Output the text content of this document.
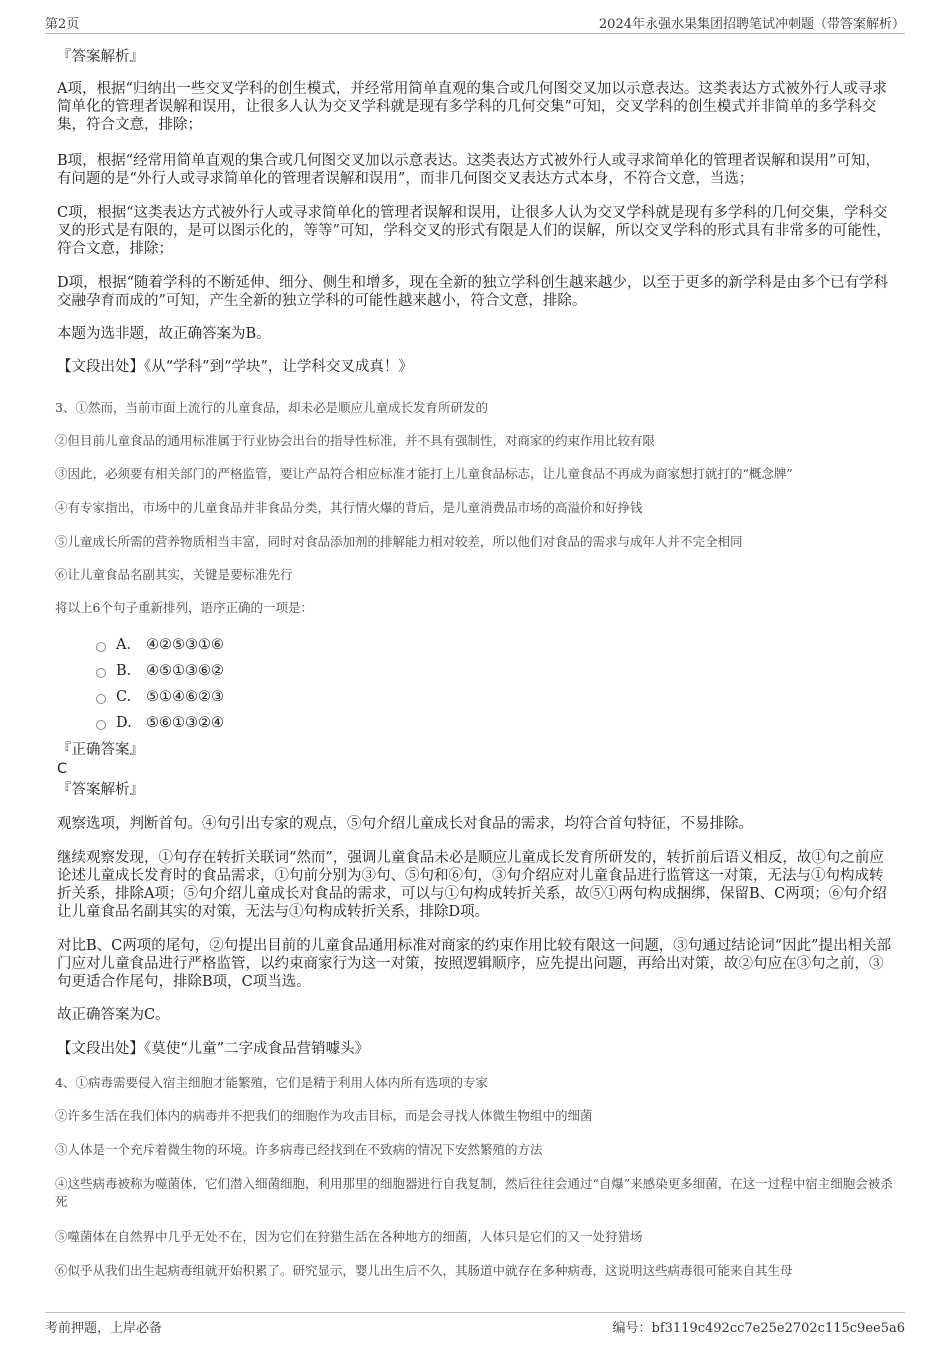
第2页	2024年永强水果集团招聘笔试冲刺题（带答案解析）
『答案解析』

A项，根据“归纳出一些交叉学科的创生模式，并经常用简单直观的集合或几何图交叉加以示意表达。这类表达方式被外行人或寻求简单化的管理者误解和误用，让很多人认为交叉学科就是现有多学科的几何交集”可知，交叉学科的创生模式并非简单的多学科交集，符合文意，排除；

B项，根据“经常用简单直观的集合或几何图交叉加以示意表达。这类表达方式被外行人或寻求简单化的管理者误解和误用”可知，有问题的是“外行人或寻求简单化的管理者误解和误用”，而非几何图交叉表达方式本身，不符合文意，当选；

C项，根据“这类表达方式被外行人或寻求简单化的管理者误解和误用，让很多人认为交叉学科就是现有多学科的几何交集，学科交叉的形式是有限的，是可以图示化的，等等”可知，学科交叉的形式有限是人们的误解，所以交叉学科的形式具有非常多的可能性，符合文意，排除；

D项，根据“随着学科的不断延伸、细分、侧生和增多，现在全新的独立学科创生越来越少，以至于更多的新学科是由多个已有学科交融孕育而成的”可知，产生全新的独立学科的可能性越来越小，符合文意，排除。

本题为选非题，故正确答案为B。

【文段出处】《从“学科”到“学块”，让学科交叉成真！》

3、①然而，当前市面上流行的儿童食品，却未必是顺应儿童成长发育所研发的
②但目前儿童食品的通用标准属于行业协会出台的指导性标准，并不具有强制性，对商家的约束作用比较有限
③因此，必须要有相关部门的严格监管，要让产品符合相应标准才能打上儿童食品标志，让儿童食品不再成为商家想打就打的“概念牌”
④有专家指出，市场中的儿童食品并非食品分类，其行情火爆的背后，是儿童消费品市场的高溢价和好挣钱
⑤儿童成长所需的营养物质相当丰富，同时对食品添加剂的排解能力相对较差，所以他们对食品的需求与成年人并不完全相同
⑥让儿童食品名副其实，关键是要标准先行
将以上6个句子重新排列，语序正确的一项是：
A． ④②⑤③①⑥
B. ④⑤①③⑥②
C. ⑤①④⑥②③
D. ⑤⑥①③②④
『正确答案』
C
『答案解析』

观察选项，判断首句。④句引出专家的观点，⑤句介绍儿童成长对食品的需求，均符合首句特征，不易排除。

继续观察发现，①句存在转折关联词“然而”，强调儿童食品未必是顺应儿童成长发育所研发的，转折前后语义相反，故①句之前应论述儿童成长发育时的食品需求，①句前分别为③句、⑤句和⑥句，③句介绍应对儿童食品进行监管这一对策，无法与①句构成转折关系，排除A项；⑤句介绍儿童成长对食品的需求，可以与①句构成转折关系，故⑤①两句构成捆绑，保留B、C两项；⑥句介绍让儿童食品名副其实的对策，无法与①句构成转折关系，排除D项。

对比B、C两项的尾句，②句提出目前的儿童食品通用标准对商家的约束作用比较有限这一问题，③句通过结论词“因此”提出相关部门应对儿童食品进行严格监管，以约束商家行为这一对策，按照逻辑顺序，应先提出问题，再给出对策，故②句应在③句之前，③句更适合作尾句，排除B项，C项当选。

故正确答案为C。

【文段出处】《莫使“儿童”二字成食品营销噱头》

4、①病毒需要侵入宿主细胞才能繁殖，它们是精于利用人体内所有选项的专家
②许多生活在我们体内的病毒并不把我们的细胞作为攻击目标，而是会寻找人体微生物组中的细菌
③人体是一个充斥着微生物的环境。许多病毒已经找到在不致病的情况下安然繁殖的方法
④这些病毒被称为噬菌体，它们潜入细菌细胞，利用那里的细胞器进行自我复制，然后往往会通过“自爆”来感染更多细菌，在这一过程中宿主细胞会被杀死
⑤噬菌体在自然界中几乎无处不在，因为它们在狩猎生活在各种地方的细菌，人体只是它们的又一处狩猎场
⑥似乎从我们出生起病毒组就开始积累了。研究显示，婴儿出生后不久，其肠道中就存在多种病毒，这说明这些病毒很可能来自其生母
考前押题，上岸必备	编号：bf3119c492cc7e25e2702c115c9ee5a6
